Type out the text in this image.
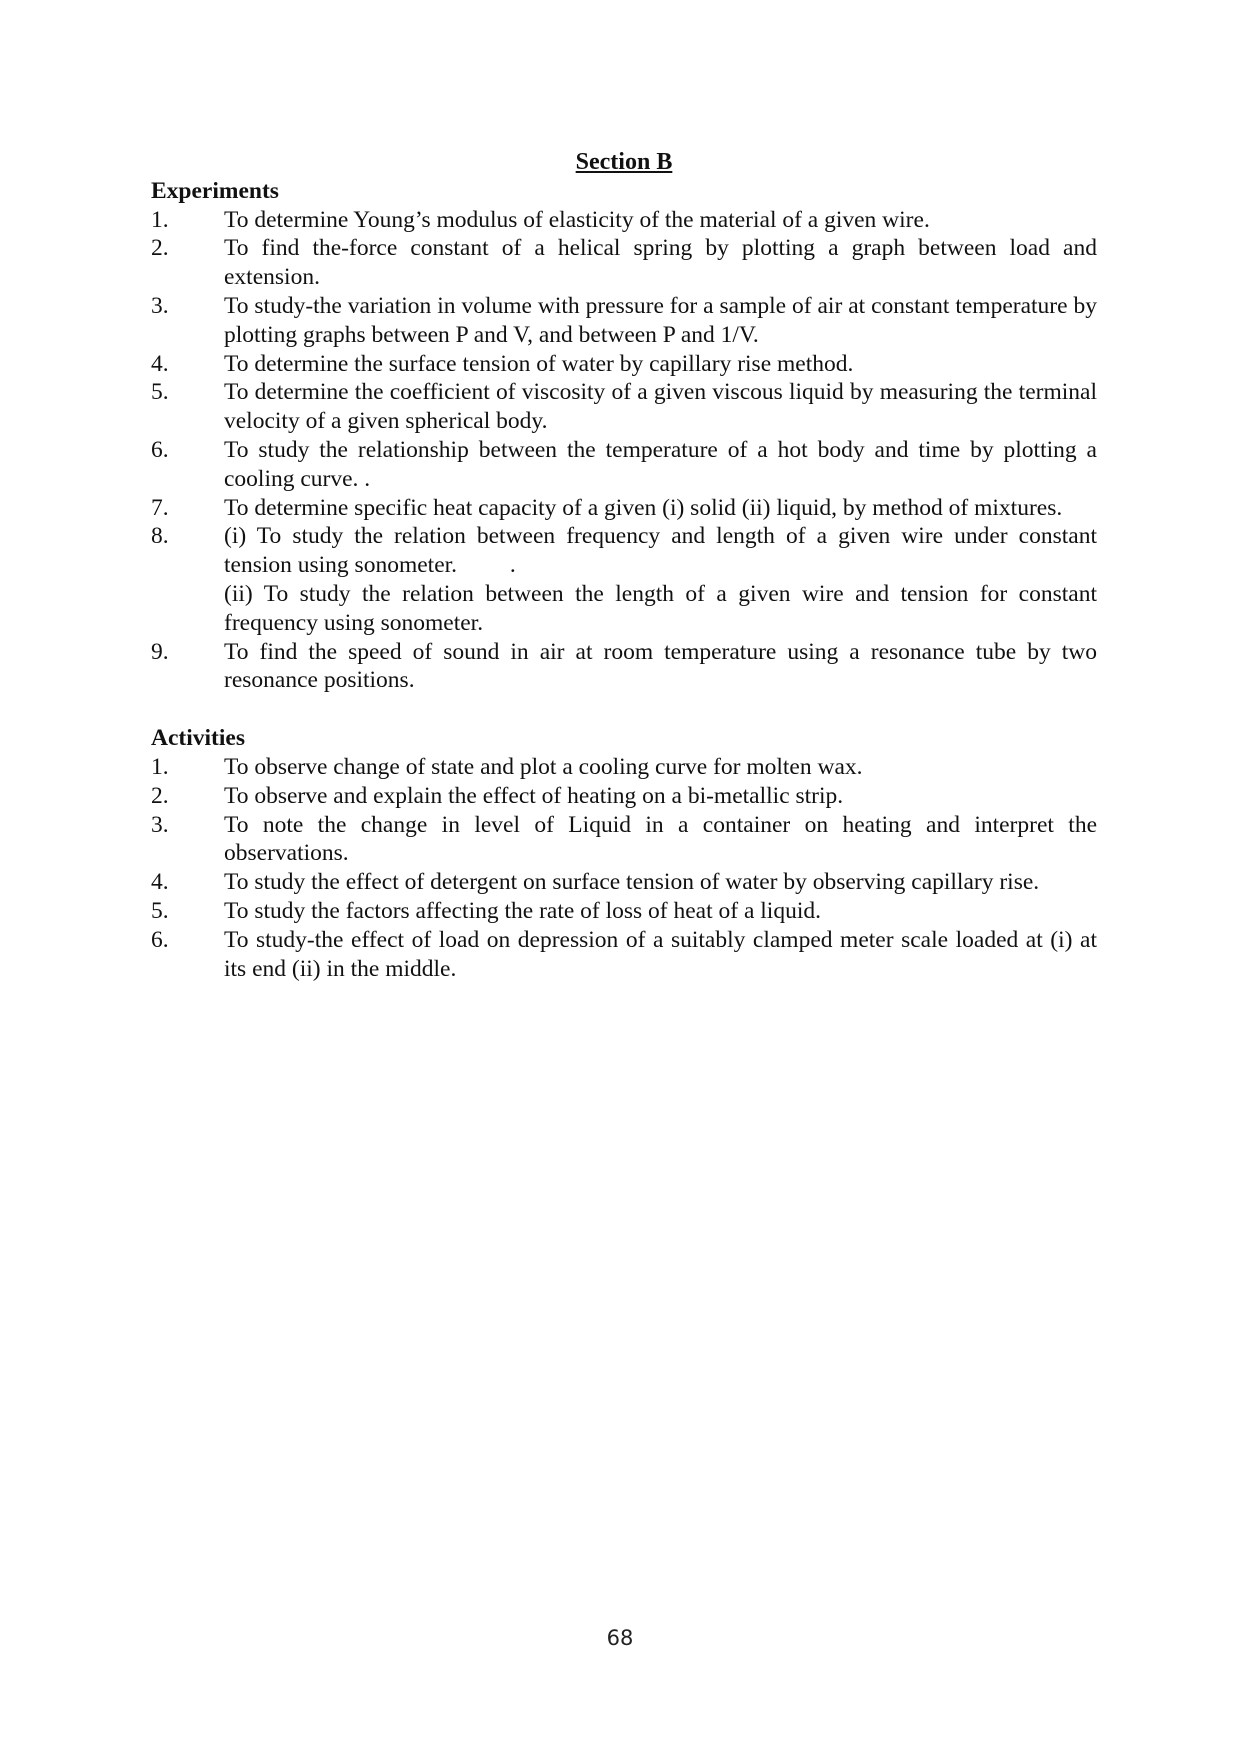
Section B
Experiments
1.	To determine Young’s modulus of elasticity of the material of a given wire.

2.	To find the-force constant of a helical spring by plotting a graph between load and extension.

3.	To study-the variation in volume with pressure for a sample of air at constant temperature by plotting graphs between P and V, and between P and 1/V.

4.	To determine the surface tension of water by capillary rise method.

5.	To determine the coefficient of viscosity of a given viscous liquid by measuring the terminal velocity of a given spherical body.

6.	To study the relationship between the temperature of a hot body and time by plotting a cooling curve. .

7.	To determine specific heat capacity of a given (i) solid (ii) liquid, by method of mixtures.

8.	(i) To study the relation between frequency and length of a given wire under constant tension using sonometer.         .

(ii) To study the relation between the length of a given wire and tension for constant frequency using sonometer.

9.	To find the speed of sound in air at room temperature using a resonance tube by two resonance positions.

Activities
1.	To observe change of state and plot a cooling curve for molten wax.

2.	To observe and explain the effect of heating on a bi-metallic strip.

3.	To note the change in level of Liquid in a container on heating and interpret the observations.

4.	To study the effect of detergent on surface tension of water by observing capillary rise.

5.	To study the factors affecting the rate of loss of heat of a liquid.

6.	To study-the effect of load on depression of a suitably clamped meter scale loaded at (i) at its end (ii) in the middle.

68
